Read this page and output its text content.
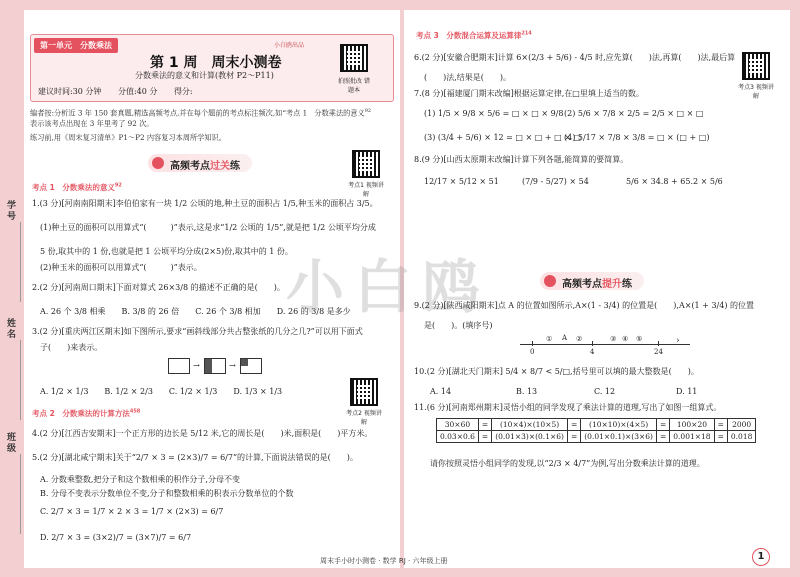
学号
姓名
班级
第一单元　分数乘法	小白鸥出品
第 1 周　周末小测卷
分数乘法的意义和计算(教材 P2～P11)
建议时间:30 分钟 分值:40 分 得分:
拍照批改 错题本
编者按:分析近 3 年 150 套真题,精选高频考点,并在每个题前的考点标注频次,如“考点 1　分数乘法的意义$^{92}$
表示该考点出现在 3 年里考了 92 次。
练习前,用《周末复习清单》P1～P2 内容复习本周所学知识。
高频考点过关练
考点1 视频讲解
考点 1　分数乘法的意义$^{92}$
1.(3 分)[河南南阳期末]李伯伯家有一块 1/2 公顷的地,种土豆的面积占 1/5,种玉米的面积占 3/5。
(1)种土豆的面积可以用算式“(　　　)”表示,这是求“1/2 公顷的 1/5”,就是把 1/2 公顷平均分成
5 份,取其中的 1 份,也就是把 1 公顷平均分成(2×5)份,取其中的 1 份。
(2)种玉米的面积可以用算式“(　　　)”表示。
2.(2 分)[河南周口期末]下面对算式 26×3/8 的描述不正确的是(　　)。
A. 26 个 3/8 相乘　　B. 3/8 的 26 倍　　C. 26 个 3/8 相加　　D. 26 的 3/8 是多少
3.(2 分)[重庆两江区期末]如下图所示,要求“画斜线部分共占整张纸的几分之几?”可以用下面式
子(　　)来表示。
→	→
A. 1/2 × 1/3　　B. 1/2 × 2/3　　C. 1/2 × 1/3　　D. 1/3 × 1/3
考点2 视频讲解
考点 2　分数乘法的计算方法$^{458}$
4.(2 分)[江西吉安期末]一个正方形的边长是 5/12 米,它的周长是(　　)米,面积是(　　)平方米。
5.(2 分)[湖北咸宁期末]关于“2/7 × 3 = (2×3)/7 = 6/7”的计算,下面说法错误的是(　　)。
A. 分数乘整数,把分子和这个数相乘的积作分子,分母不变
B. 分母不变表示分数单位不变,分子和整数相乘的积表示分数单位的个数
C. 2/7 × 3 = 1/7 × 2 × 3 = 1/7 × (2×3) = 6/7
D. 2/7 × 3 = (3×2)/7 = (3×7)/7 = 6/7
考点 3　分数混合运算及运算律$^{214}$
考点3 视频讲解
6.(2 分)[安徽合肥期末]计算 6×(2/3 + 5/6) - 4/5 时,应先算(　　)法,再算(　　)法,最后算
(　　)法,结果是(　　)。
7.(8 分)[福建厦门期末改编]根据运算定律,在□里填上适当的数。
(1) 1/5 × 9/8 × 5/6 = □ × □ × 9/8 (2) 5/6 × 7/8 × 2/5 = 2/5 × □ × □
(3) (3/4 + 5/6) × 12 = □ × □ + □ × □
(4) 5/17 × 7/8 × 3/8 = □ × (□ + □)
8.(9 分)[山西太原期末改编]计算下列各题,能简算的要简算。
12/17 × 5/12 × 51	(7/9 - 5/27) × 54	5/6 × 34.8 + 65.2 × 5/6
小白鸥	高频考点提升练
9.(2 分)[陕西咸阳期末]点 A 的位置如图所示,A×(1 - 3/4) 的位置是(　　),A×(1 + 3/4) 的位置
是(　　)。(填序号)
›
A
0
①	②
4
③ ④ ⑤
24
10.(2 分)[湖北天门期末] 5/4 × 8/7 < 5/□,括号里可以填的最大整数是(　　)。
A. 14	B. 13	C. 12	D. 11
11.(6 分)[河南郑州期末]灵悟小组的同学发现了乘法计算的道理,写出了如图一组算式。
30×60	=	(10×4)×(10×5)	=	(10×10)×(4×5)	=	100×20	=	2000
0.03×0.6	=	(0.01×3)×(0.1×6)	=	(0.01×0.1)×(3×6)	=	0.001×18	=	0.018
请你按照灵悟小组同学的发现,以“2/3 × 4/7”为例,写出分数乘法计算的道理。
周末手小时小测卷 · 数学 RJ · 六年级上册	1
